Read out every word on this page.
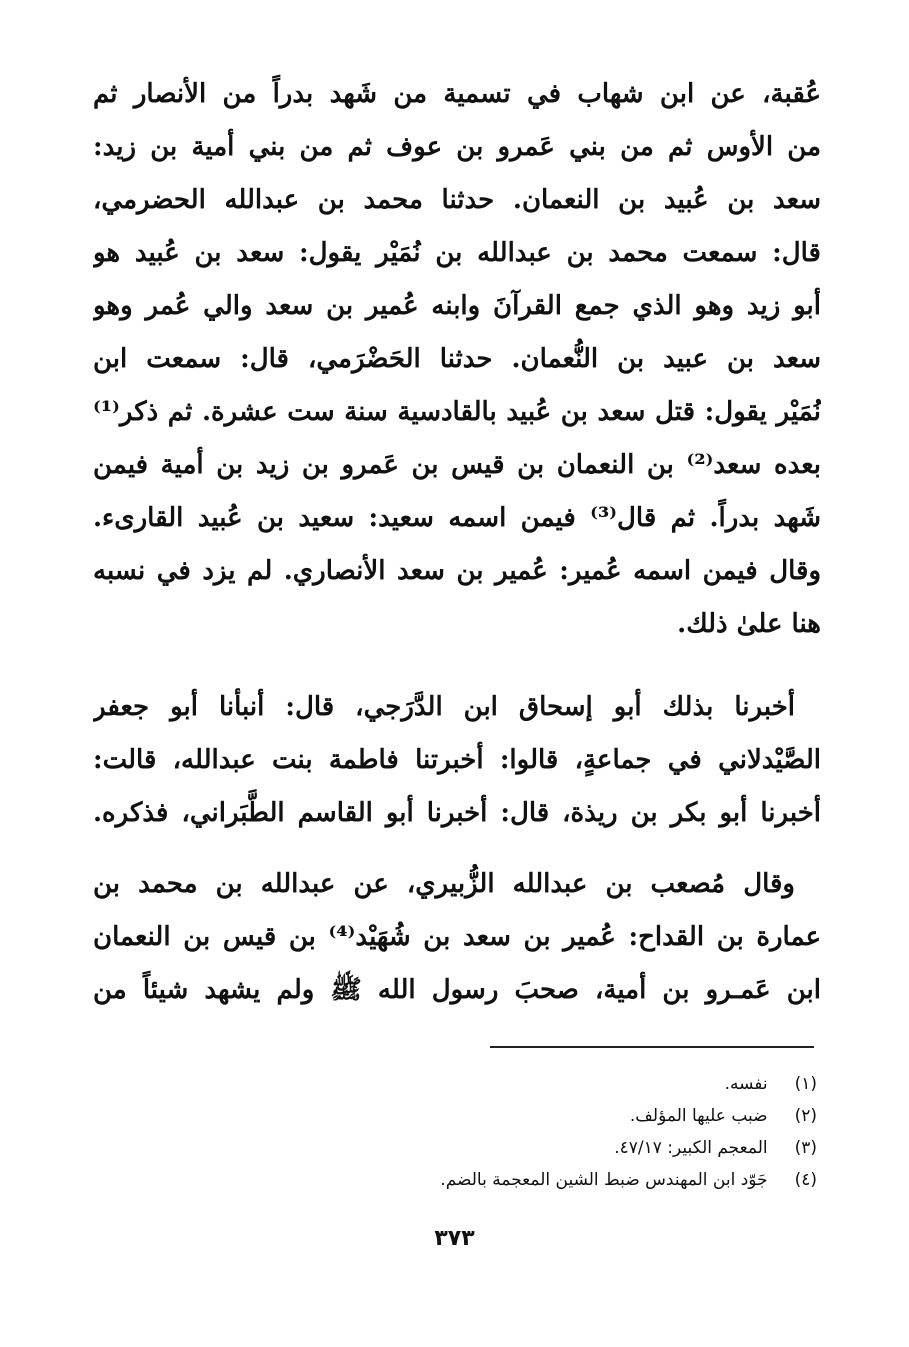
عُقبة، عن ابن شهاب في تسمية من شَهد بدراً من الأنصار ثم
من الأوس ثم من بني عَمرو بن عوف ثم من بني أمية بن زيد:
سعد بن عُبيد بن النعمان. حدثنا محمد بن عبدالله الحضرمي،
قال: سمعت محمد بن عبدالله بن نُمَيْر يقول: سعد بن عُبيد هو
أبو زيد وهو الذي جمع القرآنَ وابنه عُمير بن سعد والي عُمر وهو
سعد بن عبيد بن النُّعمان. حدثنا الحَضْرَمي، قال: سمعت ابن
نُمَيْر يقول: قتل سعد بن عُبيد بالقادسية سنة ست عشرة. ثم ذكر⁽¹⁾
بعده سعد⁽²⁾ بن النعمان بن قيس بن عَمرو بن زيد بن أمية فيمن
شَهد بدراً. ثم قال⁽³⁾ فيمن اسمه سعيد: سعيد بن عُبيد القارىء.
وقال فيمن اسمه عُمير: عُمير بن سعد الأنصاري. لم يزد في نسبه
هنا علىٰ ذلك.
أخبرنا بذلك أبو إسحاق ابن الدَّرَجي، قال: أنبأنا أبو جعفر
الصَّيْدلاني في جماعةٍ، قالوا: أخبرتنا فاطمة بنت عبدالله، قالت:
أخبرنا أبو بكر بن ريذة، قال: أخبرنا أبو القاسم الطَّبَراني، فذكره.
وقال مُصعب بن عبدالله الزُّبيري، عن عبدالله بن محمد بن
عمارة بن القداح: عُمير بن سعد بن شُهَيْد⁽⁴⁾ بن قيس بن النعمان
ابن عَمـرو بن أمية، صحبَ رسول الله ﷺ ولم يشهد شيئاً من
(١) نفسه.
(٢) ضبب عليها المؤلف.
(٣) المعجم الكبير: ٤٧/١٧.
(٤) جَوّد ابن المهندس ضبط الشين المعجمة بالضم.
٣٧٣
